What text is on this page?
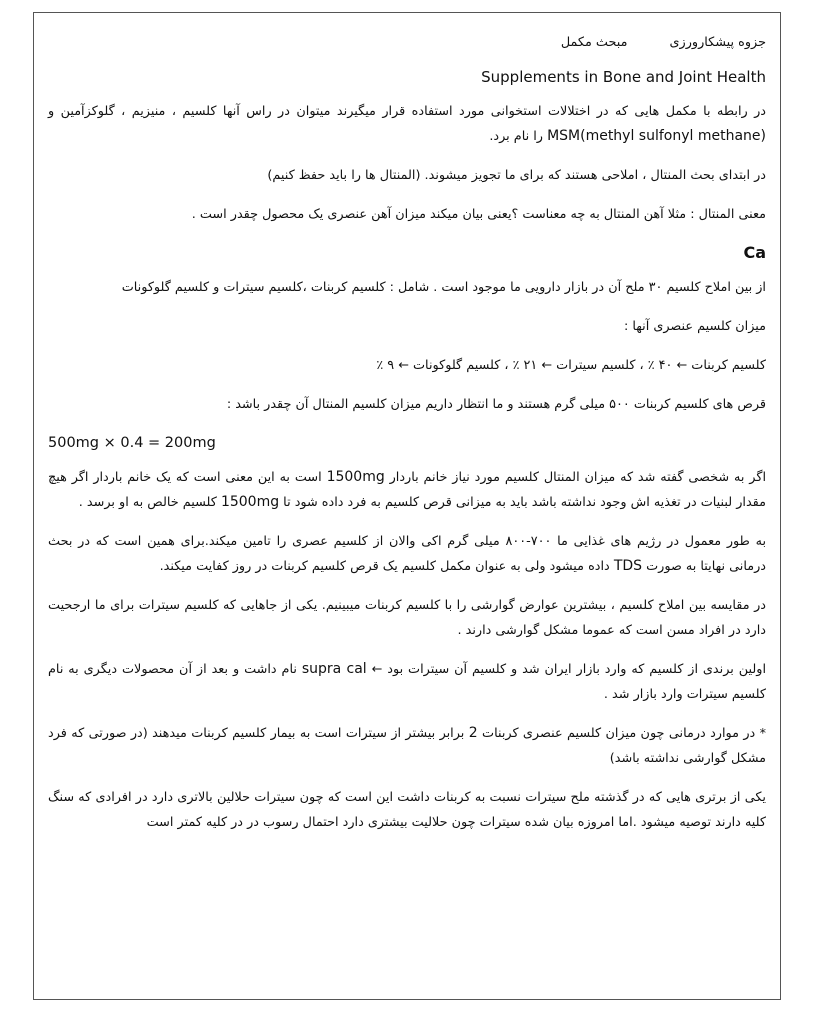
جزوه پیشکارورزی مبحث مکمل
Supplements in Bone and Joint Health
در رابطه با مکمل هایی که در اختلالات استخوانی مورد استفاده قرار میگیرند میتوان در راس آنها کلسیم ، منیزیم ، گلوکزآمین و MSM(methyl sulfonyl methane) را نام برد.
در ابتدای بحث المنتال ، املاحی هستند که برای ما تجویز میشوند. (المنتال ها را باید حفظ کنیم)
معنی المنتال : مثلا آهن المنتال به چه معناست ؟یعنی بیان میکند میزان آهن عنصری یک محصول چقدر است .
Ca
از بین املاح کلسیم ۳۰ ملح آن در بازار دارویی ما موجود است . شامل : کلسیم کربنات ،کلسیم سیترات و کلسیم گلوکونات
میزان کلسیم عنصری آنها :
کلسیم کربنات ← ۴۰ ٪ ، کلسیم سیترات ← ۲۱ ٪ ، کلسیم گلوکونات ← ۹ ٪
قرص های کلسیم کربنات ۵۰۰ میلی گرم هستند و ما انتظار داریم میزان کلسیم المنتال آن چقدر باشد :
500mg × 0.4 = 200mg
اگر به شخصی گفته شد که میزان المنتال کلسیم مورد نیاز خانم باردار 1500mg است به این معنی است که یک خانم باردار اگر هیچ مقدار لبنیات در تغذیه اش وجود نداشته باشد باید به میزانی قرص کلسیم به فرد داده شود تا 1500mg کلسیم خالص به او برسد .
به طور معمول در رژیم های غذایی ما ۷۰۰-۸۰۰ میلی گرم اکی والان از کلسیم عصری را تامین میکند.برای همین است که در بحث درمانی نهایتا به صورت TDS داده میشود ولی به عنوان مکمل کلسیم یک قرص کلسیم کربنات در روز کفایت میکند.
در مقایسه بین املاح کلسیم ، بیشترین عوارض گوارشی را با کلسیم کربنات میبینیم. یکی از جاهایی که کلسیم سیترات برای ما ارجحیت دارد در افراد مسن است که عموما مشکل گوارشی دارند .
اولین برندی از کلسیم که وارد بازار ایران شد و کلسیم آن سیترات بود ← supra cal نام داشت و بعد از آن محصولات دیگری به نام کلسیم سیترات وارد بازار شد .
* در موارد درمانی چون میزان کلسیم عنصری کربنات 2 برابر بیشتر از سیترات است به بیمار کلسیم کربنات میدهند (در صورتی که فرد مشکل گوارشی نداشته باشد)
یکی از برتری هایی که در گذشته ملح سیترات نسبت به کربنات داشت این است که چون سیترات حلالین بالاتری دارد در افرادی که سنگ کلیه دارند توصیه میشود .اما امروزه بیان شده سیترات چون حلالیت بیشتری دارد احتمال رسوب در در کلیه کمتر است
